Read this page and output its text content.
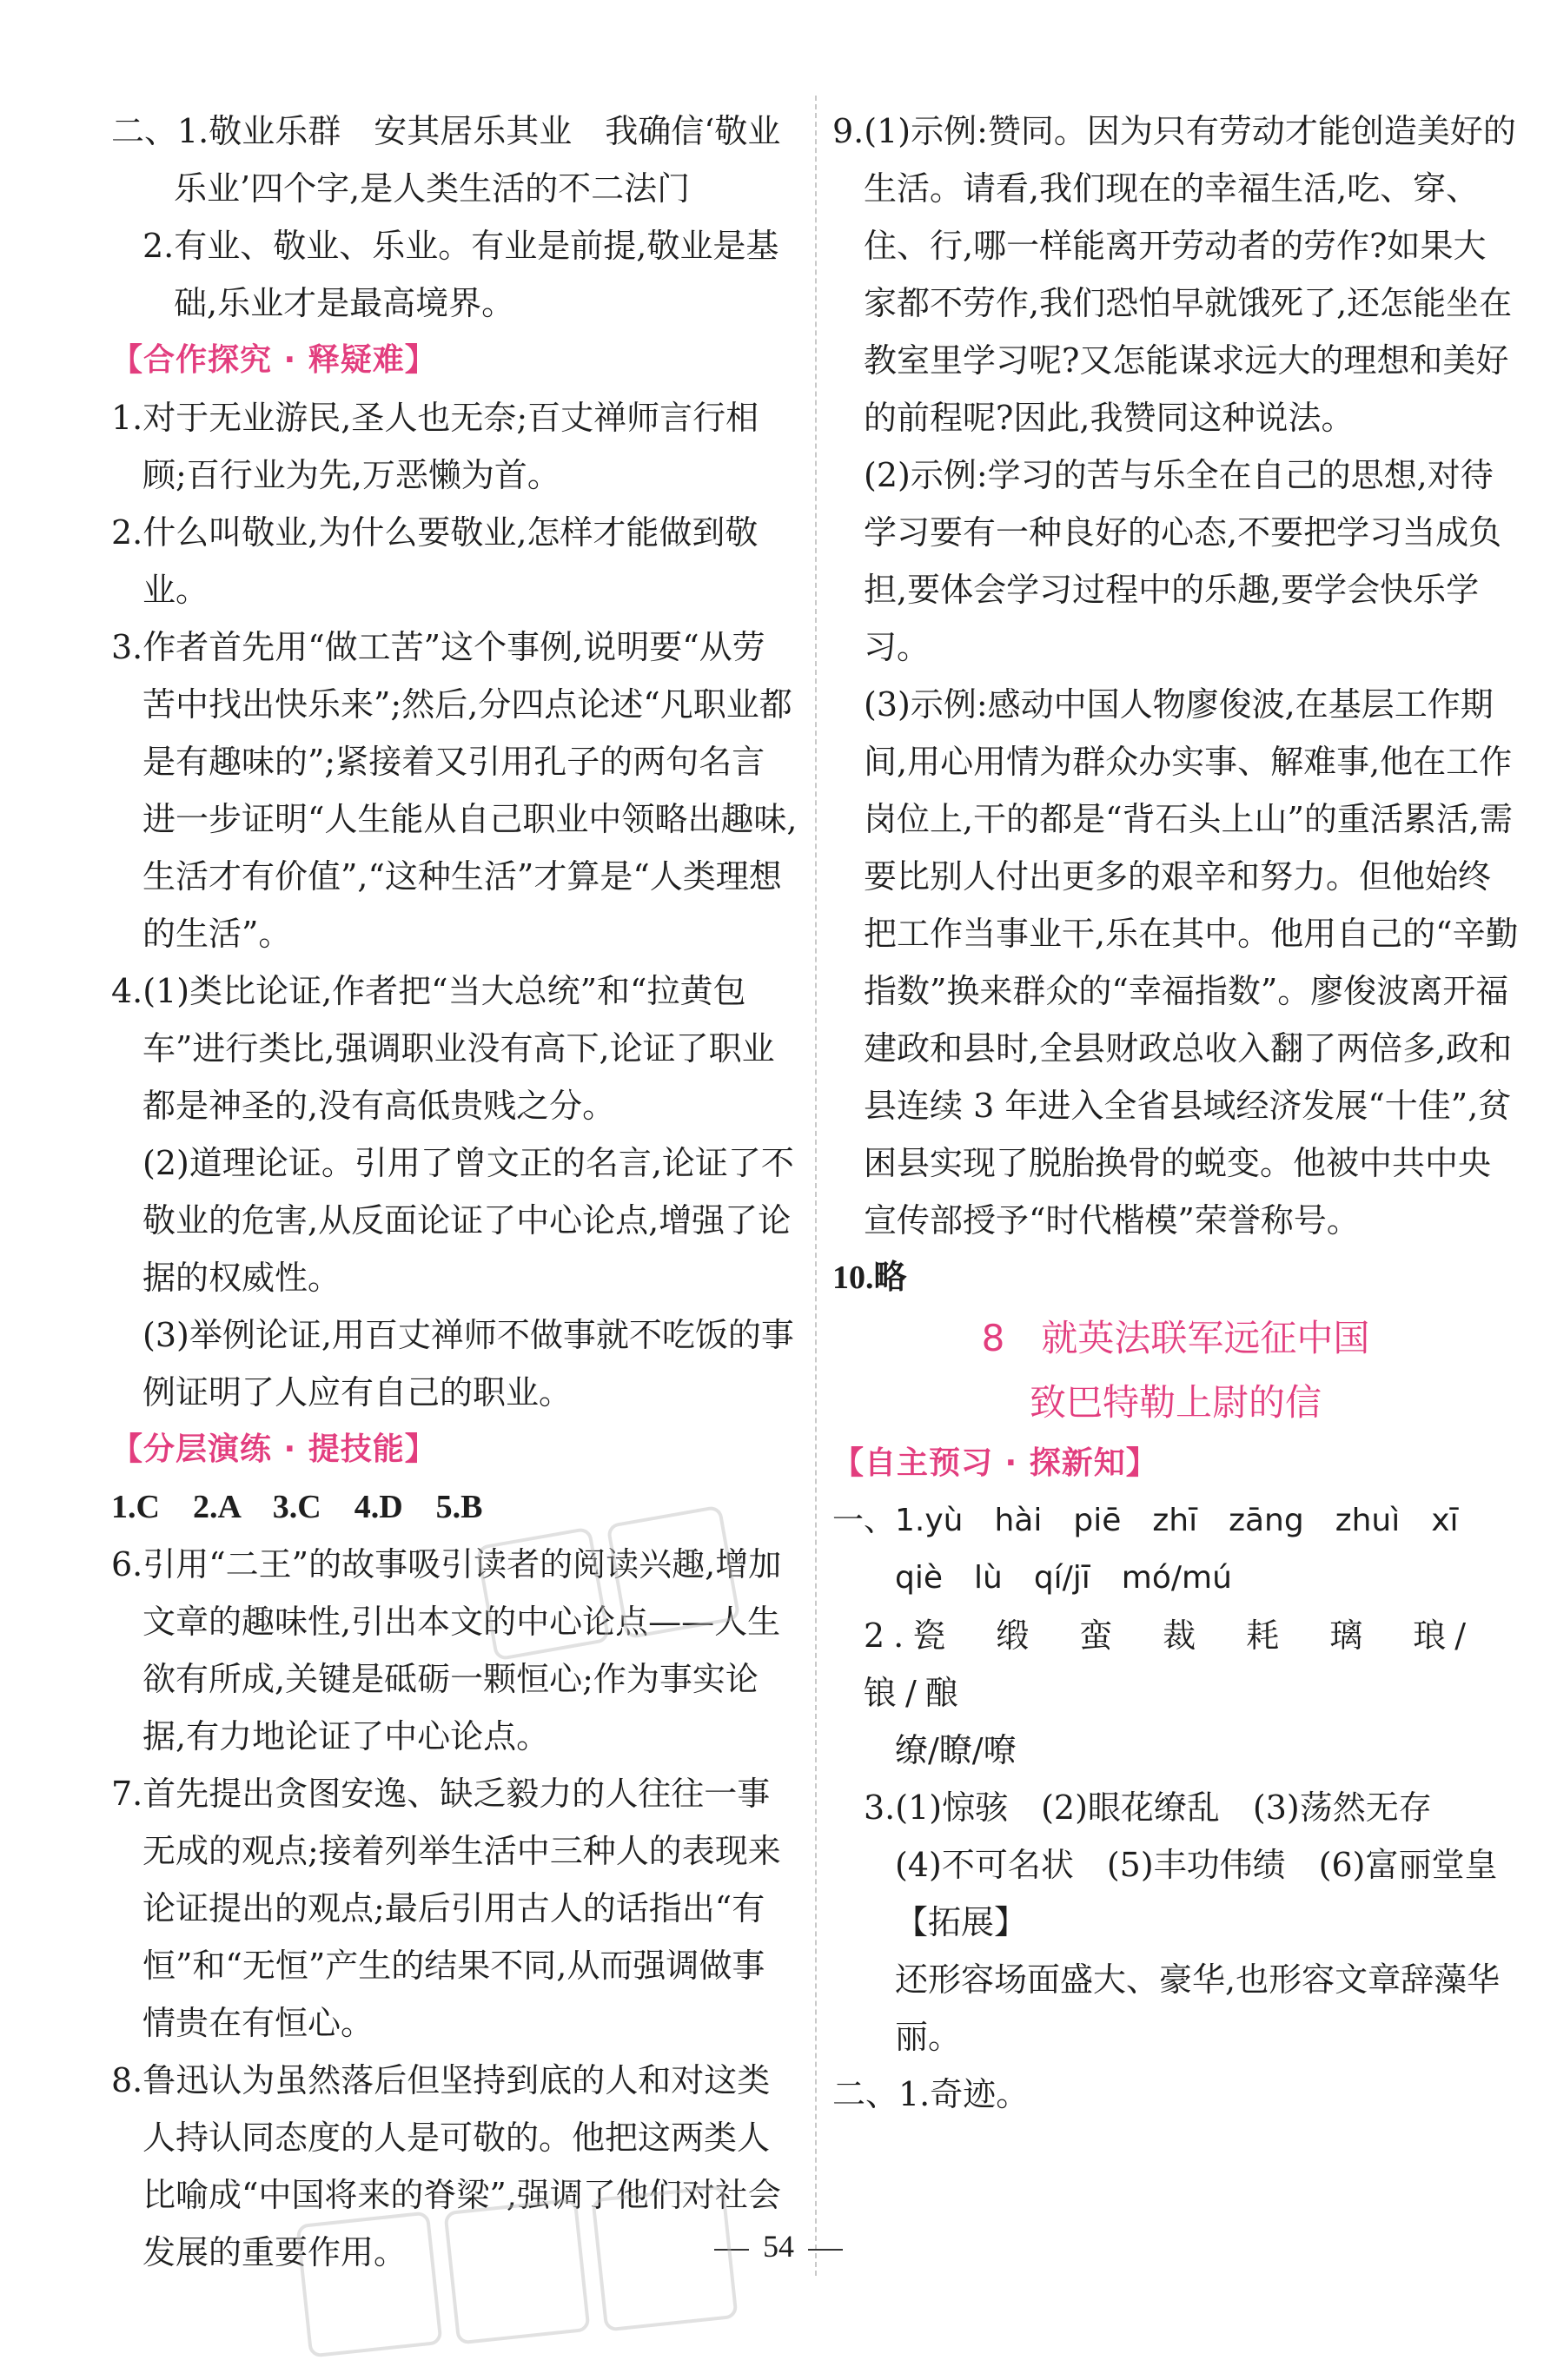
二、1.敬业乐群　安其居乐其业　我确信‘敬业乐业’四个字,是人类生活的不二法门

2.有业、敬业、乐业。有业是前提,敬业是基础,乐业才是最高境界。

【合作探究 · 释疑难】

1.对于无业游民,圣人也无奈;百丈禅师言行相顾;百行业为先,万恶懒为首。

2.什么叫敬业,为什么要敬业,怎样才能做到敬业。

3.作者首先用“做工苦”这个事例,说明要“从劳苦中找出快乐来”;然后,分四点论述“凡职业都是有趣味的”;紧接着又引用孔子的两句名言进一步证明“人生能从自己职业中领略出趣味,生活才有价值”,“这种生活”才算是“人类理想的生活”。

4.(1)类比论证,作者把“当大总统”和“拉黄包车”进行类比,强调职业没有高下,论证了职业都是神圣的,没有高低贵贱之分。

(2)道理论证。引用了曾文正的名言,论证了不敬业的危害,从反面论证了中心论点,增强了论据的权威性。

(3)举例论证,用百丈禅师不做事就不吃饭的事例证明了人应有自己的职业。

【分层演练 · 提技能】

1.C　2.A　3.C　4.D　5.B

6.引用“二王”的故事吸引读者的阅读兴趣,增加文章的趣味性,引出本文的中心论点——人生欲有所成,关键是砥砺一颗恒心;作为事实论据,有力地论证了中心论点。

7.首先提出贪图安逸、缺乏毅力的人往往一事无成的观点;接着列举生活中三种人的表现来论证提出的观点;最后引用古人的话指出“有恒”和“无恒”产生的结果不同,从而强调做事情贵在有恒心。

8.鲁迅认为虽然落后但坚持到底的人和对这类人持认同态度的人是可敬的。他把这两类人比喻成“中国将来的脊梁”,强调了他们对社会发展的重要作用。

9.(1)示例:赞同。因为只有劳动才能创造美好的生活。请看,我们现在的幸福生活,吃、穿、住、行,哪一样能离开劳动者的劳作?如果大家都不劳作,我们恐怕早就饿死了,还怎能坐在教室里学习呢?又怎能谋求远大的理想和美好的前程呢?因此,我赞同这种说法。

(2)示例:学习的苦与乐全在自己的思想,对待学习要有一种良好的心态,不要把学习当成负担,要体会学习过程中的乐趣,要学会快乐学习。

(3)示例:感动中国人物廖俊波,在基层工作期间,用心用情为群众办实事、解难事,他在工作岗位上,干的都是“背石头上山”的重活累活,需要比别人付出更多的艰辛和努力。但他始终把工作当事业干,乐在其中。他用自己的“辛勤指数”换来群众的“幸福指数”。廖俊波离开福建政和县时,全县财政总收入翻了两倍多,政和县连续 3 年进入全省县域经济发展“十佳”,贫困县实现了脱胎换骨的蜕变。他被中共中央宣传部授予“时代楷模”荣誉称号。

10.略

8　就英法联军远征中国

致巴特勒上尉的信

【自主预习 · 探新知】

一、1.yù　hài　piē　zhī　zāng　zhuì　xī

qiè　lù　qí/jī　mó/mú

2.瓷　缎　蛮　裁　耗　璃　琅/锒/酿

缭/瞭/嘹

3.(1)惊骇　(2)眼花缭乱　(3)荡然无存

(4)不可名状　(5)丰功伟绩　(6)富丽堂皇

【拓展】

还形容场面盛大、豪华,也形容文章辞藻华丽。

二、1.奇迹。

54
